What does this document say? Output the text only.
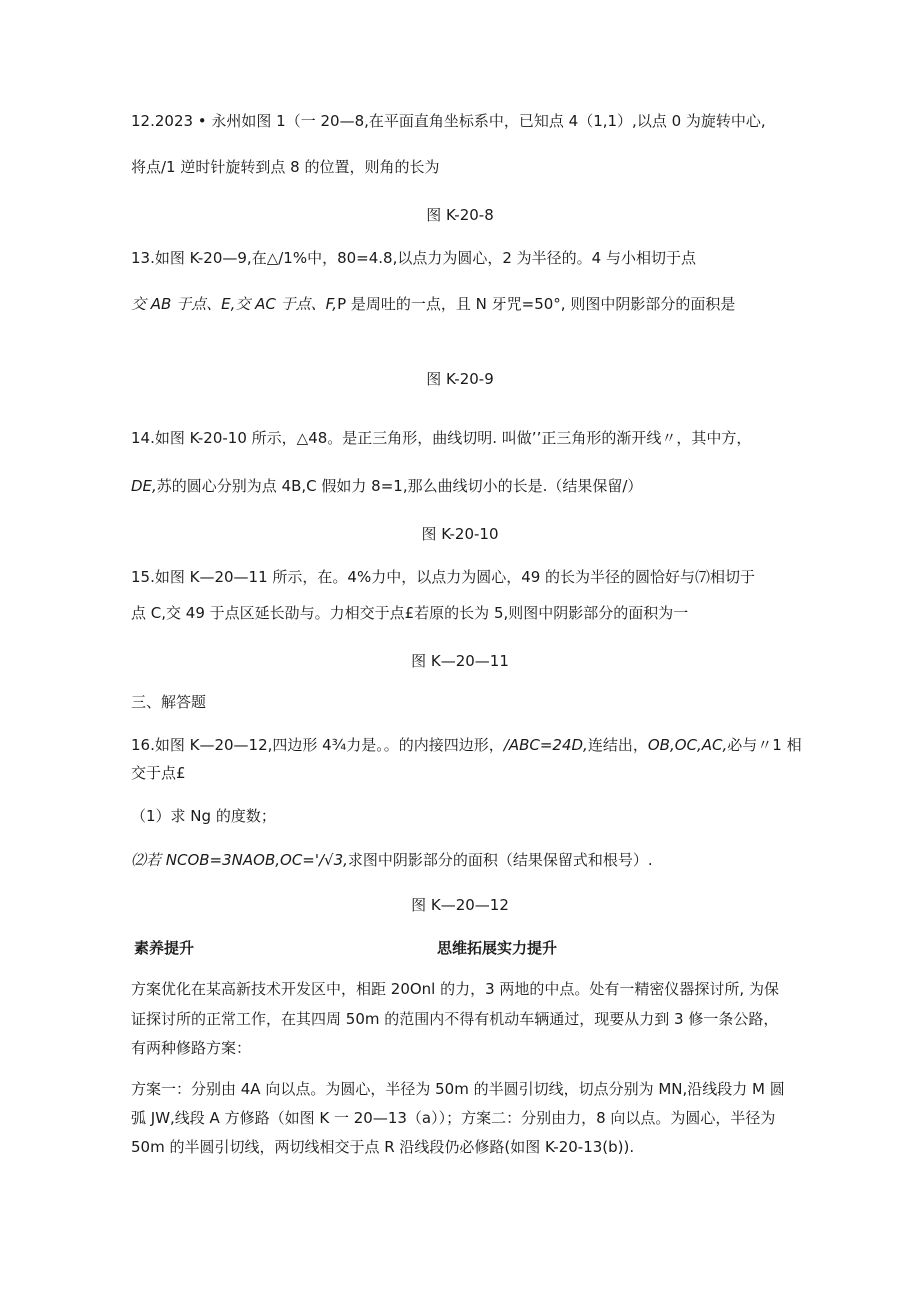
12.2023 • 永州如图 1（一 20—8,在平面直角坐标系中，已知点 4（1,1）,以点 0 为旋转中心,
将点/1 逆时针旋转到点 8 的位置，则角的长为
图 K-20-8
13.如图 K-20—9,在△/1%中，80=4.8,以点力为圆心，2 为半径的。4 与小相切于点
交 AB 于点、E,交 AC 于点、F,P 是周吐的一点，且 N 牙咒=50°, 则图中阴影部分的面积是
图 K-20-9
14.如图 K-20-10 所示，△48。是正三角形，曲线切明. 叫做’’正三角形的渐开线〃，其中方，
DE,苏的圆心分别为点 4B,C 假如力 8=1,那么曲线切小的长是.（结果保留/）
图 K-20-10
15.如图 K—20—11 所示，在。4%力中，以点力为圆心，49 的长为半径的圆恰好与⑺相切于
点 C,交 49 于点区延长劭与。力相交于点£若原的长为 5,则图中阴影部分的面积为一
图 K—20—11
三、解答题
16.如图 K—20—12,四边形 4¾力是。。的内接四边形，∕ABC=24D,连结出，OB,OC,AC,必与〃1 相
交于点£
（1）求 Ng 的度数；
⑵若 NCOB=3NAOB,OC='∕√3,求图中阴影部分的面积（结果保留式和根号）.
图 K—20—12
素养提升	思维拓展实力提升
方案优化在某高新技术开发区中，相距 20Onl 的力，3 两地的中点。处有一精密仪器探讨所, 为保
证探讨所的正常工作，在其四周 50m 的范围内不得有机动车辆通过，现要从力到 3 修一条公路，
有两种修路方案：
方案一：分别由 4A 向以点。为圆心，半径为 50m 的半圆引切线，切点分别为 MN,沿线段力 M 圆
弧 JW,线段 A 方修路（如图 K 一 20—13（a））；方案二：分别由力，8 向以点。为圆心，半径为
50m 的半圆引切线，两切线相交于点 R 沿线段仍必修路(如图 K-20-13(b)).
